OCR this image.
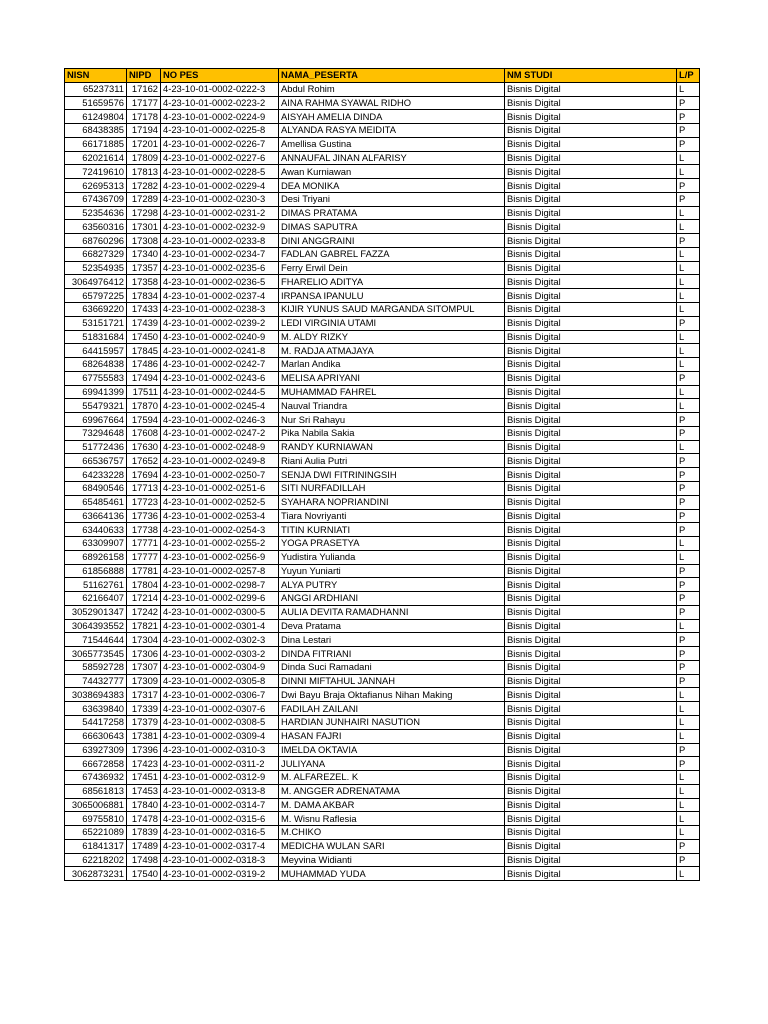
NISN	NIPD	NO PES	NAMA_PESERTA	NM STUDI	L/P
65237311	17162	4-23-10-01-0002-0222-3	Abdul Rohim	Bisnis Digital	L
51659576	17177	4-23-10-01-0002-0223-2	AINA RAHMA SYAWAL RIDHO	Bisnis Digital	P
61249804	17178	4-23-10-01-0002-0224-9	AISYAH AMELIA DINDA	Bisnis Digital	P
68438385	17194	4-23-10-01-0002-0225-8	ALYANDA RASYA MEIDITA	Bisnis Digital	P
66171885	17201	4-23-10-01-0002-0226-7	Amellisa Gustina	Bisnis Digital	P
62021614	17809	4-23-10-01-0002-0227-6	ANNAUFAL JINAN ALFARISY	Bisnis Digital	L
72419610	17813	4-23-10-01-0002-0228-5	Awan Kurniawan	Bisnis Digital	L
62695313	17282	4-23-10-01-0002-0229-4	DEA MONIKA	Bisnis Digital	P
67436709	17289	4-23-10-01-0002-0230-3	Desi Triyani	Bisnis Digital	P
52354636	17298	4-23-10-01-0002-0231-2	DIMAS PRATAMA	Bisnis Digital	L
63560316	17301	4-23-10-01-0002-0232-9	DIMAS SAPUTRA	Bisnis Digital	L
68760296	17308	4-23-10-01-0002-0233-8	DINI ANGGRAINI	Bisnis Digital	P
66827329	17340	4-23-10-01-0002-0234-7	FADLAN GABREL FAZZA	Bisnis Digital	L
52354935	17357	4-23-10-01-0002-0235-6	Ferry Erwil Dein	Bisnis Digital	L
3064976412	17358	4-23-10-01-0002-0236-5	FHARELIO ADITYA	Bisnis Digital	L
65797225	17834	4-23-10-01-0002-0237-4	IRPANSA IPANULU	Bisnis Digital	L
63669220	17433	4-23-10-01-0002-0238-3	KIJIR YUNUS SAUD MARGANDA SITOMPUL	Bisnis Digital	L
53151721	17439	4-23-10-01-0002-0239-2	LEDI VIRGINIA UTAMI	Bisnis Digital	P
51831684	17450	4-23-10-01-0002-0240-9	M. ALDY RIZKY	Bisnis Digital	L
64415957	17845	4-23-10-01-0002-0241-8	M. RADJA ATMAJAYA	Bisnis Digital	L
68264838	17486	4-23-10-01-0002-0242-7	Marlan Andika	Bisnis Digital	L
67755583	17494	4-23-10-01-0002-0243-6	MELISA APRIYANI	Bisnis Digital	P
69941399	17511	4-23-10-01-0002-0244-5	MUHAMMAD FAHREL	Bisnis Digital	L
55479321	17870	4-23-10-01-0002-0245-4	Nauval Triandra	Bisnis Digital	L
69967664	17594	4-23-10-01-0002-0246-3	Nur Sri Rahayu	Bisnis Digital	P
73294648	17608	4-23-10-01-0002-0247-2	Pika Nabila Sakia	Bisnis Digital	P
51772436	17630	4-23-10-01-0002-0248-9	RANDY KURNIAWAN	Bisnis Digital	L
66536757	17652	4-23-10-01-0002-0249-8	Riani Aulia Putri	Bisnis Digital	P
64233228	17694	4-23-10-01-0002-0250-7	SENJA DWI FITRININGSIH	Bisnis Digital	P
68490546	17713	4-23-10-01-0002-0251-6	SITI NURFADILLAH	Bisnis Digital	P
65485461	17723	4-23-10-01-0002-0252-5	SYAHARA NOPRIANDINI	Bisnis Digital	P
63664136	17736	4-23-10-01-0002-0253-4	Tiara Novriyanti	Bisnis Digital	P
63440633	17738	4-23-10-01-0002-0254-3	TITIN KURNIATI	Bisnis Digital	P
63309907	17771	4-23-10-01-0002-0255-2	YOGA PRASETYA	Bisnis Digital	L
68926158	17777	4-23-10-01-0002-0256-9	Yudistira Yulianda	Bisnis Digital	L
61856888	17781	4-23-10-01-0002-0257-8	Yuyun Yuniarti	Bisnis Digital	P
51162761	17804	4-23-10-01-0002-0298-7	ALYA PUTRY	Bisnis Digital	P
62166407	17214	4-23-10-01-0002-0299-6	ANGGI ARDHIANI	Bisnis Digital	P
3052901347	17242	4-23-10-01-0002-0300-5	AULIA DEVITA RAMADHANNI	Bisnis Digital	P
3064393552	17821	4-23-10-01-0002-0301-4	Deva Pratama	Bisnis Digital	L
71544644	17304	4-23-10-01-0002-0302-3	Dina Lestari	Bisnis Digital	P
3065773545	17306	4-23-10-01-0002-0303-2	DINDA FITRIANI	Bisnis Digital	P
58592728	17307	4-23-10-01-0002-0304-9	Dinda Suci Ramadani	Bisnis Digital	P
74432777	17309	4-23-10-01-0002-0305-8	DINNI MIFTAHUL JANNAH	Bisnis Digital	P
3038694383	17317	4-23-10-01-0002-0306-7	Dwi Bayu Braja Oktafianus Nihan Making	Bisnis Digital	L
63639840	17339	4-23-10-01-0002-0307-6	FADILAH ZAILANI	Bisnis Digital	L
54417258	17379	4-23-10-01-0002-0308-5	HARDIAN JUNHAIRI NASUTION	Bisnis Digital	L
66630643	17381	4-23-10-01-0002-0309-4	HASAN FAJRI	Bisnis Digital	L
63927309	17396	4-23-10-01-0002-0310-3	IMELDA OKTAVIA	Bisnis Digital	P
66672858	17423	4-23-10-01-0002-0311-2	JULIYANA	Bisnis Digital	P
67436932	17451	4-23-10-01-0002-0312-9	M. ALFAREZEL. K	Bisnis Digital	L
68561813	17453	4-23-10-01-0002-0313-8	M. ANGGER ADRENATAMA	Bisnis Digital	L
3065006881	17840	4-23-10-01-0002-0314-7	M. DAMA AKBAR	Bisnis Digital	L
69755810	17478	4-23-10-01-0002-0315-6	M. Wisnu Raflesia	Bisnis Digital	L
65221089	17839	4-23-10-01-0002-0316-5	M.CHIKO	Bisnis Digital	L
61841317	17489	4-23-10-01-0002-0317-4	MEDICHA WULAN SARI	Bisnis Digital	P
62218202	17498	4-23-10-01-0002-0318-3	Meyvina Widianti	Bisnis Digital	P
3062873231	17540	4-23-10-01-0002-0319-2	MUHAMMAD YUDA	Bisnis Digital	L
